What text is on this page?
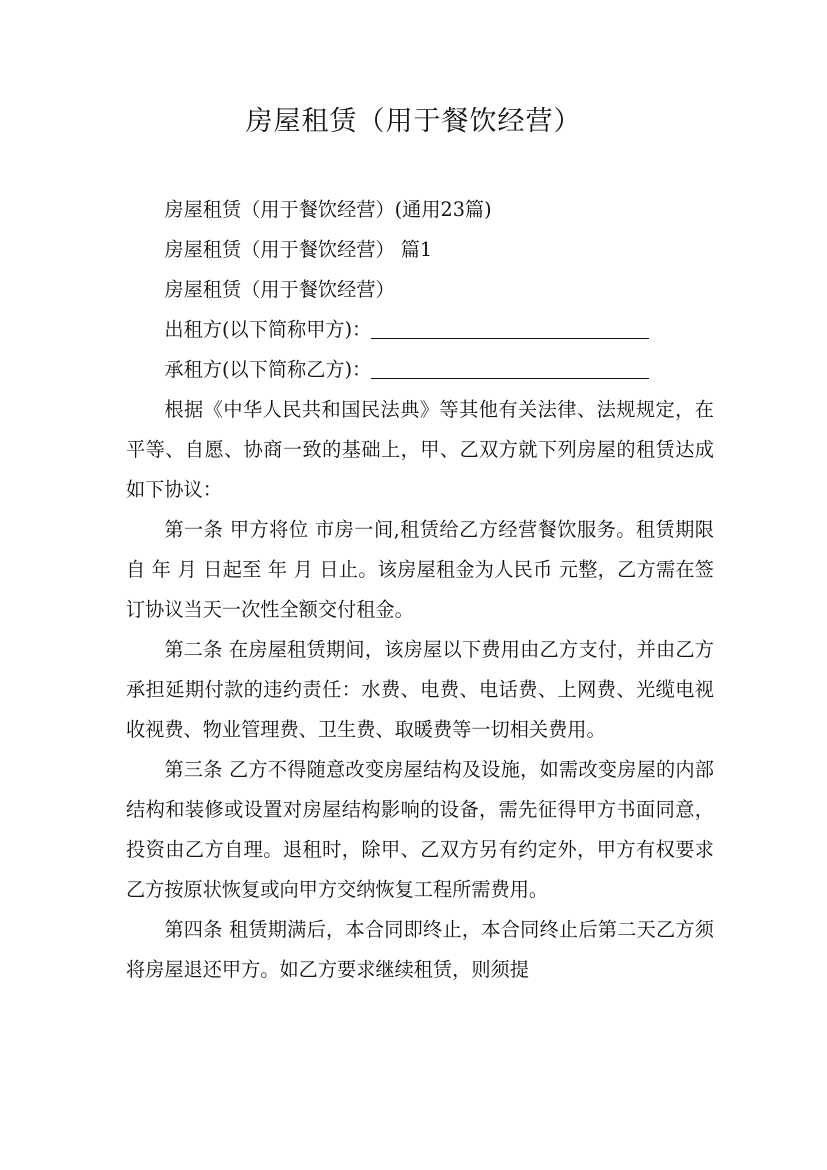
房屋租赁（用于餐饮经营）

房屋租赁（用于餐饮经营）(通用23篇)

房屋租赁（用于餐饮经营） 篇1

房屋租赁（用于餐饮经营）

出租方(以下简称甲方)：

承租方(以下简称乙方)：

根据《中华人民共和国民法典》等其他有关法律、法规规定，在平等、自愿、协商一致的基础上，甲、乙双方就下列房屋的租赁达成如下协议：

第一条 甲方将位 市房一间,租赁给乙方经营餐饮服务。租赁期限自 年 月 日起至 年 月 日止。该房屋租金为人民币 元整，乙方需在签订协议当天一次性全额交付租金。

第二条 在房屋租赁期间，该房屋以下费用由乙方支付，并由乙方承担延期付款的违约责任：水费、电费、电话费、上网费、光缆电视收视费、物业管理费、卫生费、取暖费等一切相关费用。

第三条 乙方不得随意改变房屋结构及设施，如需改变房屋的内部结构和装修或设置对房屋结构影响的设备，需先征得甲方书面同意，投资由乙方自理。退租时，除甲、乙双方另有约定外，甲方有权要求乙方按原状恢复或向甲方交纳恢复工程所需费用。

第四条 租赁期满后，本合同即终止，本合同终止后第二天乙方须将房屋退还甲方。如乙方要求继续租赁，则须提
